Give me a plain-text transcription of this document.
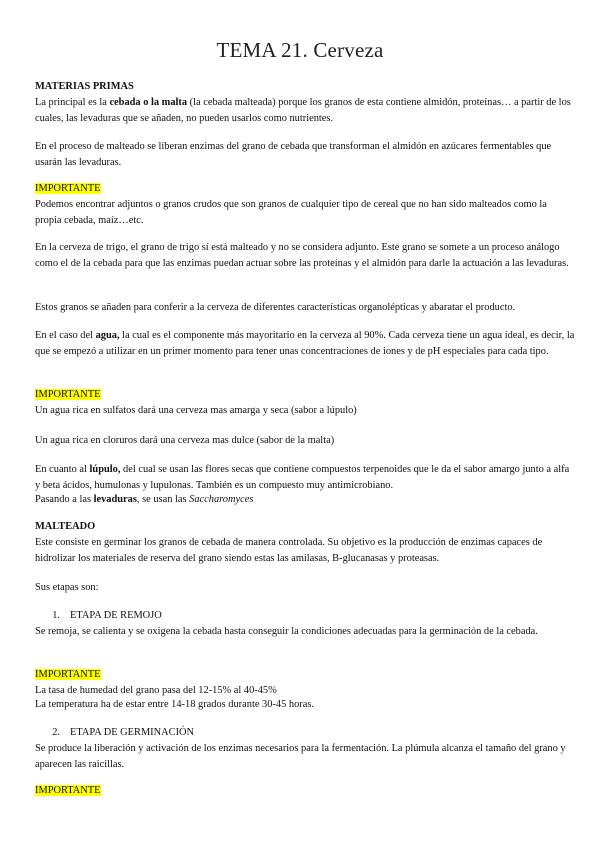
TEMA 21. Cerveza

MATERIAS PRIMAS

La principal es la cebada o la malta (la cebada malteada) porque los granos de esta contiene almidón, proteínas… a partir de los cuales, las levaduras que se añaden, no pueden usarlos como nutrientes.

En el proceso de malteado se liberan enzimas del grano de cebada que transforman el almidón en azúcares fermentables que usarán las levaduras.

IMPORTANTE

Podemos encontrar adjuntos o granos crudos que son granos de cualquier tipo de cereal que no han sido malteados como la propia cebada, maíz…etc.

En la cerveza de trigo, el grano de trigo sí está malteado y no se considera adjunto. Este grano se somete a un proceso análogo como el de la cebada para que las enzimas puedan actuar sobre las proteínas y el almidón para darle la actuación a las levaduras.

Estos granos se añaden para conferir a la cerveza de diferentes características organolépticas y abaratar el producto.

En el caso del agua, la cual es el componente más mayoritario en la cerveza al 90%. Cada cerveza tiene un agua ideal, es decir, la que se empezó a utilizar en un primer momento para tener unas concentraciones de iones y de pH especiales para cada tipo.

IMPORTANTE

Un agua rica en sulfatos dará una cerveza mas amarga y seca (sabor a lúpulo)

Un agua rica en cloruros dará una cerveza mas dulce (sabor de la malta)

En cuanto al lúpulo, del cual se usan las flores secas que contiene compuestos terpenoides que le da el sabor amargo junto a alfa y beta ácidos, humulonas y lupulonas. También es un compuesto muy antimicrobiano.

Pasando a las levaduras, se usan las Saccharomyces

MALTEADO

Este consiste en germinar los granos de cebada de manera controlada. Su objetivo es la producción de enzimas capaces de hidrolizar los materiales de reserva del grano siendo estas las amilasas, B-glucanasas y proteasas.

Sus etapas son:

1. ETAPA DE REMOJO

Se remoja, se calienta y se oxigena la cebada hasta conseguir la condiciones adecuadas para la germinación de la cebada.

IMPORTANTE

La tasa de humedad del grano pasa del 12-15% al 40-45%

La temperatura ha de estar entre 14-18 grados durante 30-45 horas.

2. ETAPA DE GERMINACIÓN

Se produce la liberación y activación de los enzimas necesarios para la fermentación. La plúmula alcanza el tamaño del grano y aparecen las raicillas.

IMPORTANTE
